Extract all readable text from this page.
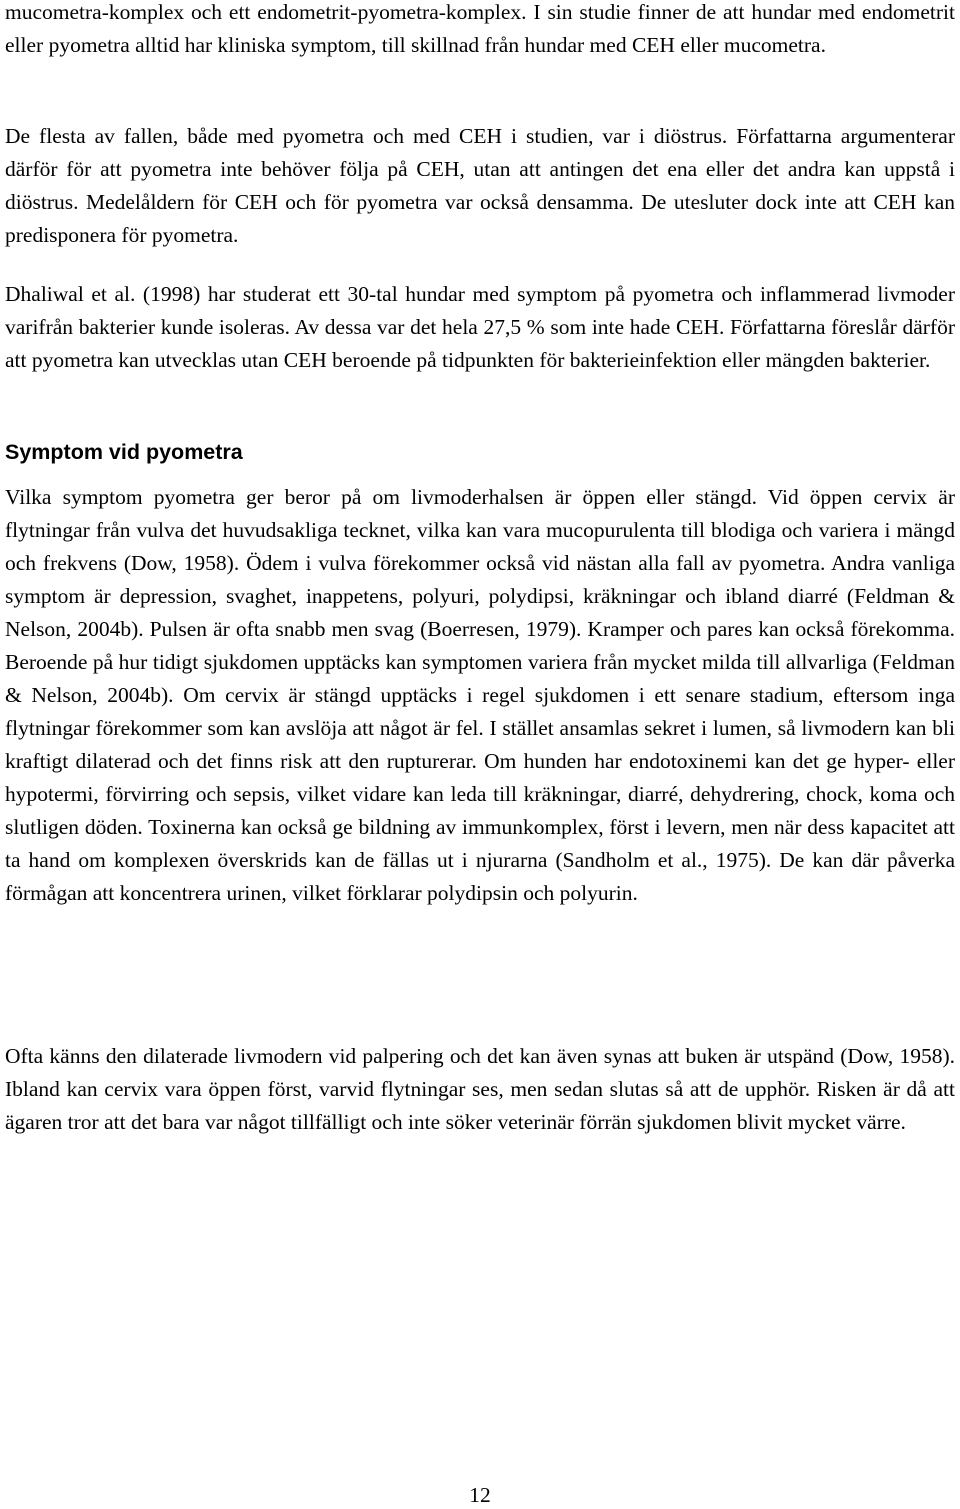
mucometra-komplex och ett endometrit-pyometra-komplex. I sin studie finner de att hundar med endometrit eller pyometra alltid har kliniska symptom, till skillnad från hundar med CEH eller mucometra.

De flesta av fallen, både med pyometra och med CEH i studien, var i diöstrus. Författarna argumenterar därför för att pyometra inte behöver följa på CEH, utan att antingen det ena eller det andra kan uppstå i diöstrus. Medelåldern för CEH och för pyometra var också densamma. De utesluter dock inte att CEH kan predisponera för pyometra.

Dhaliwal et al. (1998) har studerat ett 30-tal hundar med symptom på pyometra och inflammerad livmoder varifrån bakterier kunde isoleras. Av dessa var det hela 27,5 % som inte hade CEH. Författarna föreslår därför att pyometra kan utvecklas utan CEH beroende på tidpunkten för bakterieinfektion eller mängden bakterier.

Symptom vid pyometra

Vilka symptom pyometra ger beror på om livmoderhalsen är öppen eller stängd. Vid öppen cervix är flytningar från vulva det huvudsakliga tecknet, vilka kan vara mucopurulenta till blodiga och variera i mängd och frekvens (Dow, 1958). Ödem i vulva förekommer också vid nästan alla fall av pyometra. Andra vanliga symptom är depression, svaghet, inappetens, polyuri, polydipsi, kräkningar och ibland diarré (Feldman & Nelson, 2004b). Pulsen är ofta snabb men svag (Boerresen, 1979). Kramper och pares kan också förekomma. Beroende på hur tidigt sjukdomen upptäcks kan symptomen variera från mycket milda till allvarliga (Feldman & Nelson, 2004b). Om cervix är stängd upptäcks i regel sjukdomen i ett senare stadium, eftersom inga flytningar förekommer som kan avslöja att något är fel. I stället ansamlas sekret i lumen, så livmodern kan bli kraftigt dilaterad och det finns risk att den rupturerar. Om hunden har endotoxinemi kan det ge hyper- eller hypotermi, förvirring och sepsis, vilket vidare kan leda till kräkningar, diarré, dehydrering, chock, koma och slutligen döden. Toxinerna kan också ge bildning av immunkomplex, först i levern, men när dess kapacitet att ta hand om komplexen överskrids kan de fällas ut i njurarna (Sandholm et al., 1975). De kan där påverka förmågan att koncentrera urinen, vilket förklarar polydipsin och polyurin.

Ofta känns den dilaterade livmodern vid palpering och det kan även synas att buken är utspänd (Dow, 1958). Ibland kan cervix vara öppen först, varvid flytningar ses, men sedan slutas så att de upphör. Risken är då att ägaren tror att det bara var något tillfälligt och inte söker veterinär förrän sjukdomen blivit mycket värre.

12
